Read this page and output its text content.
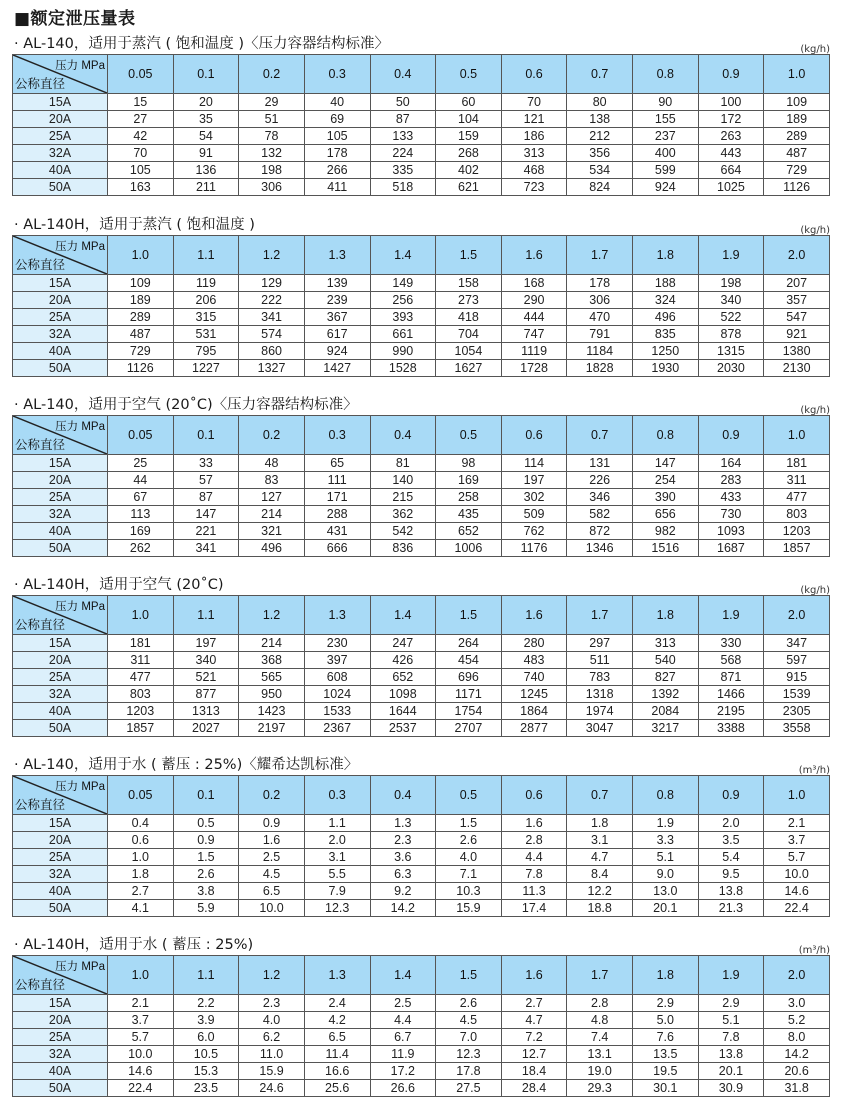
■额定泄压量表
· AL-140，适用于蒸汽 ( 饱和温度 )〈压力容器结构标准〉	(kg/h)
压力 MPa
公称直径	0.05	0.1	0.2	0.3	0.4	0.5	0.6	0.7	0.8	0.9	1.0
15A	15	20	29	40	50	60	70	80	90	100	109
20A	27	35	51	69	87	104	121	138	155	172	189
25A	42	54	78	105	133	159	186	212	237	263	289
32A	70	91	132	178	224	268	313	356	400	443	487
40A	105	136	198	266	335	402	468	534	599	664	729
50A	163	211	306	411	518	621	723	824	924	1025	1126
· AL-140H，适用于蒸汽 ( 饱和温度 )	(kg/h)
压力 MPa
公称直径	1.0	1.1	1.2	1.3	1.4	1.5	1.6	1.7	1.8	1.9	2.0
15A	109	119	129	139	149	158	168	178	188	198	207
20A	189	206	222	239	256	273	290	306	324	340	357
25A	289	315	341	367	393	418	444	470	496	522	547
32A	487	531	574	617	661	704	747	791	835	878	921
40A	729	795	860	924	990	1054	1119	1184	1250	1315	1380
50A	1126	1227	1327	1427	1528	1627	1728	1828	1930	2030	2130
· AL-140，适用于空气 (20˚C)〈压力容器结构标准〉	(kg/h)
压力 MPa
公称直径	0.05	0.1	0.2	0.3	0.4	0.5	0.6	0.7	0.8	0.9	1.0
15A	25	33	48	65	81	98	114	131	147	164	181
20A	44	57	83	111	140	169	197	226	254	283	311
25A	67	87	127	171	215	258	302	346	390	433	477
32A	113	147	214	288	362	435	509	582	656	730	803
40A	169	221	321	431	542	652	762	872	982	1093	1203
50A	262	341	496	666	836	1006	1176	1346	1516	1687	1857
· AL-140H，适用于空气 (20˚C)	(kg/h)
压力 MPa
公称直径	1.0	1.1	1.2	1.3	1.4	1.5	1.6	1.7	1.8	1.9	2.0
15A	181	197	214	230	247	264	280	297	313	330	347
20A	311	340	368	397	426	454	483	511	540	568	597
25A	477	521	565	608	652	696	740	783	827	871	915
32A	803	877	950	1024	1098	1171	1245	1318	1392	1466	1539
40A	1203	1313	1423	1533	1644	1754	1864	1974	2084	2195	2305
50A	1857	2027	2197	2367	2537	2707	2877	3047	3217	3388	3558
· AL-140，适用于水 ( 蓄压 : 25%)〈耀希达凯标准〉	(m³/h)
压力 MPa
公称直径	0.05	0.1	0.2	0.3	0.4	0.5	0.6	0.7	0.8	0.9	1.0
15A	0.4	0.5	0.9	1.1	1.3	1.5	1.6	1.8	1.9	2.0	2.1
20A	0.6	0.9	1.6	2.0	2.3	2.6	2.8	3.1	3.3	3.5	3.7
25A	1.0	1.5	2.5	3.1	3.6	4.0	4.4	4.7	5.1	5.4	5.7
32A	1.8	2.6	4.5	5.5	6.3	7.1	7.8	8.4	9.0	9.5	10.0
40A	2.7	3.8	6.5	7.9	9.2	10.3	11.3	12.2	13.0	13.8	14.6
50A	4.1	5.9	10.0	12.3	14.2	15.9	17.4	18.8	20.1	21.3	22.4
· AL-140H，适用于水 ( 蓄压 : 25%)	(m³/h)
压力 MPa
公称直径	1.0	1.1	1.2	1.3	1.4	1.5	1.6	1.7	1.8	1.9	2.0
15A	2.1	2.2	2.3	2.4	2.5	2.6	2.7	2.8	2.9	2.9	3.0
20A	3.7	3.9	4.0	4.2	4.4	4.5	4.7	4.8	5.0	5.1	5.2
25A	5.7	6.0	6.2	6.5	6.7	7.0	7.2	7.4	7.6	7.8	8.0
32A	10.0	10.5	11.0	11.4	11.9	12.3	12.7	13.1	13.5	13.8	14.2
40A	14.6	15.3	15.9	16.6	17.2	17.8	18.4	19.0	19.5	20.1	20.6
50A	22.4	23.5	24.6	25.6	26.6	27.5	28.4	29.3	30.1	30.9	31.8
